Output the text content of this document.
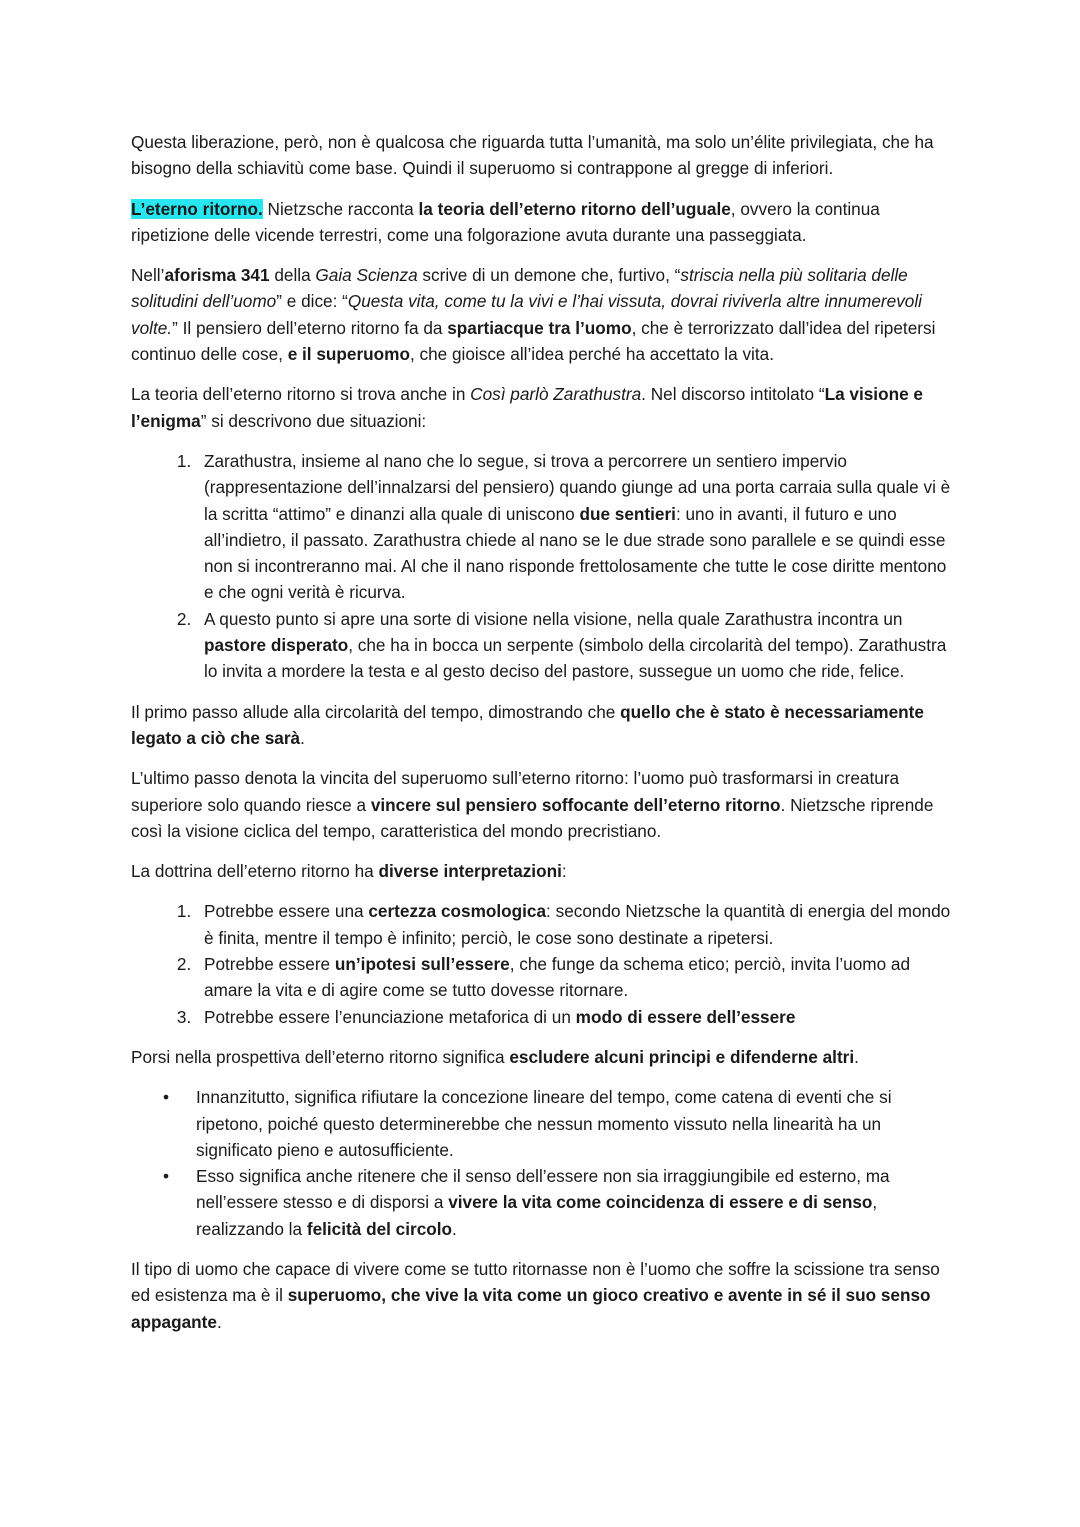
Questa liberazione, però, non è qualcosa che riguarda tutta l’umanità, ma solo un’élite privilegiata, che ha bisogno della schiavitù come base. Quindi il superuomo si contrappone al gregge di inferiori.

L’eterno ritorno. Nietzsche racconta la teoria dell’eterno ritorno dell’uguale, ovvero la continua ripetizione delle vicende terrestri, come una folgorazione avuta durante una passeggiata.

Nell’aforisma 341 della Gaia Scienza scrive di un demone che, furtivo, “striscia nella più solitaria delle solitudini dell’uomo” e dice: “Questa vita, come tu la vivi e l’hai vissuta, dovrai riviverla altre innumerevoli volte.” Il pensiero dell’eterno ritorno fa da spartiacque tra l’uomo, che è terrorizzato dall’idea del ripetersi continuo delle cose, e il superuomo, che gioisce all’idea perché ha accettato la vita.

La teoria dell’eterno ritorno si trova anche in Così parlò Zarathustra. Nel discorso intitolato “La visione e l’enigma” si descrivono due situazioni:

1. Zarathustra, insieme al nano che lo segue, si trova a percorrere un sentiero impervio (rappresentazione dell’innalzarsi del pensiero) quando giunge ad una porta carraia sulla quale vi è la scritta “attimo” e dinanzi alla quale di uniscono due sentieri: uno in avanti, il futuro e uno all’indietro, il passato. Zarathustra chiede al nano se le due strade sono parallele e se quindi esse non si incontreranno mai. Al che il nano risponde frettolosamente che tutte le cose diritte mentono e che ogni verità è ricurva.
2. A questo punto si apre una sorte di visione nella visione, nella quale Zarathustra incontra un pastore disperato, che ha in bocca un serpente (simbolo della circolarità del tempo). Zarathustra lo invita a mordere la testa e al gesto deciso del pastore, sussegue un uomo che ride, felice.

Il primo passo allude alla circolarità del tempo, dimostrando che quello che è stato è necessariamente legato a ciò che sarà.

L’ultimo passo denota la vincita del superuomo sull’eterno ritorno: l’uomo può trasformarsi in creatura superiore solo quando riesce a vincere sul pensiero soffocante dell’eterno ritorno. Nietzsche riprende così la visione ciclica del tempo, caratteristica del mondo precristiano.

La dottrina dell’eterno ritorno ha diverse interpretazioni:

1. Potrebbe essere una certezza cosmologica: secondo Nietzsche la quantità di energia del mondo è finita, mentre il tempo è infinito; perciò, le cose sono destinate a ripetersi.
2. Potrebbe essere un’ipotesi sull’essere, che funge da schema etico; perciò, invita l’uomo ad amare la vita e di agire come se tutto dovesse ritornare.
3. Potrebbe essere l’enunciazione metaforica di un modo di essere dell’essere

Porsi nella prospettiva dell’eterno ritorno significa escludere alcuni principi e difenderne altri.

• Innanzitutto, significa rifiutare la concezione lineare del tempo, come catena di eventi che si ripetono, poiché questo determinerebbe che nessun momento vissuto nella linearità ha un significato pieno e autosufficiente.
• Esso significa anche ritenere che il senso dell’essere non sia irraggiungibile ed esterno, ma nell’essere stesso e di disporsi a vivere la vita come coincidenza di essere e di senso, realizzando la felicità del circolo.

Il tipo di uomo che capace di vivere come se tutto ritornasse non è l’uomo che soffre la scissione tra senso ed esistenza ma è il superuomo, che vive la vita come un gioco creativo e avente in sé il suo senso appagante.
